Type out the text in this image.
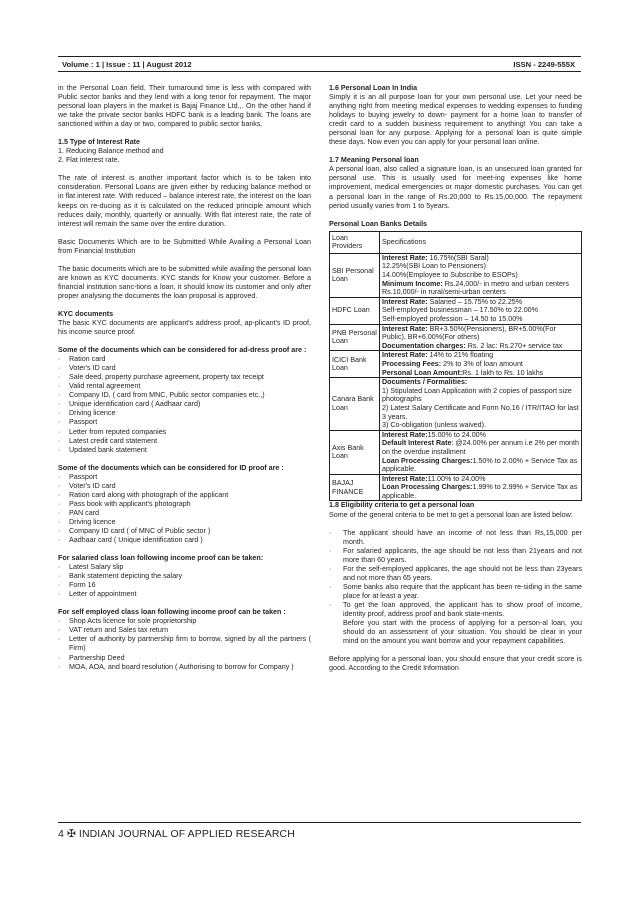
Volume : 1 | Issue : 11 | August 2012	ISSN - 2249-555X

in the Personal Loan field. Their turnaround time is less with compared with Public sector banks and they lend with a long tenor for repayment. The major personal loan players in the market is Bajaj Finance Ltd.,. On the other hand if we take the private sector banks HDFC bank is a leading bank. The loans are sanctioned within a day or two, compared to public sector banks.

1.5 Type of Interest Rate

1. Reducing Balance method and

2. Flat interest rate.

The rate of interest is another important factor which is to be taken into consideration. Personal Loans are given either by reducing balance method or in flat interest rate. With reduced – balance interest rate, the interest on the loan keeps on re-ducing as it is calculated on the reduced principle amount which reduces daily, monthly, quarterly or annually. With flat interest rate, the rate of interest will remain the same over the entire duration.

Basic Documents Which are to be Submitted While Availing a Personal Loan from Financial Institution

The basic documents which are to be submitted while availing the personal loan are known as KYC documents. KYC stands for Know your customer. Before a financial institution sanc-tions a loan, it should know its customer and only after proper analysing the documents the loan proposal is approved.

KYC documents

The basic KYC documents are applicant's address proof, ap-plicant's ID proof, his income source proof.

Some of the documents which can be considered for ad-dress proof are :

· Ration card
· Voter's ID card
· Sale deed, property purchase agreement, property tax receipt
· Valid rental agreement
· Company ID, ( card from MNC, Public sector companies etc.,)
· Unique identification card ( Aadhaar card)
· Driving licence
· Passport
· Letter from reputed companies
· Latest credit card statement
· Updated bank statement

Some of the documents which can be considered for ID proof are :

· Passport
· Voter's ID card
· Ration card along with photograph of the applicant
· Pass book with applicant's photograph
· PAN card
· Driving licence
· Company ID card ( of MNC of Public sector )
· Aadhaar card ( Unique identification card )

For salaried class loan following income proof can be taken:

· Latest Salary slip
· Bank statement depicting the salary
· Form 16
· Letter of appointment

For self employed class loan following income proof can be taken :

· Shop Acts licence for sole proprietorship
· VAT return and Sales tax return
· Letter of authority by partnership firm to borrow, signed by all the partners ( Firm)
· Partnership Deed
· MOA, AOA, and board resolution ( Authorising to borrow for Company )

1.6 Personal Loan In India

Simply it is an all purpose loan for your own personal use. Let your need be anything right from meeting medical expenses to wedding expenses to funding holidays to buying jewelry to down- payment for a home loan to transfer of credit card to a sudden business requirement to anything! You can take a personal loan for any purpose. Applying for a personal loan is quite simple these days. Now even you can apply for your personal loan online.

1.7 Meaning Personal loan

A personal loan, also called a signature loan, is an unsecured loan granted for personal use. This is usually used for meet-ing expenses like home improvement, medical emergencies or major domestic purchases. You can get a personal loan in the range of Rs.20,000 to Rs.15,00,000. The repayment period usually varies from 1 to 5years.

Personal Loan Banks Details

Loan Providers	Specifications
SBI Personal Loan	Interest Rate: 16.75%(SBI Saral)
12.25%(SBI Loan to Pensioners)
14.00%(Employee to Subscribe to ESOPs)
Minimum Income: Rs.24,000/- in metro and urban centers Rs.10,000/- in rural/semi-urban centers

HDFC Loan	Interest Rate: Salaried – 15.75% to 22.25%
Self-employed businessman – 17.50% to 22.00%
Self-employed profession – 14.50 to 15.00%

PNB Personal Loan	Interest Rate: BR+3.50%(Pensioners), BR+5.00%(For Public), BR+6.00%(For others)
Documentation charges: Rs. 2 lac: Rs.270+ service tax

ICICI Bank Loan	Interest Rate: 14% to 21% floating
Processing Fees: 2% to 3% of loan amount
Personal Loan Amount:Rs. 1 lakh to Rs. 10 lakhs

Canara Bank Loan	Documents / Formalities:
1) Stipulated Loan Application with 2 copies of passport size photographs
2) Latest Salary Certificate and Form No.16 / ITR/ITAO for last 3 years.
3) Co-obligation (unless waived).

Axis Bank Loan	Interest Rate:15.00% to 24.00%
Default Interest Rate: @24.00% per annum i.e 2% per month on the overdue installment
Loan Processing Charges:1.50% to 2.00% + Service Tax as applicable.

BAJAJ FINANCE	Interest Rate:11.00% to 24.00%
Loan Processing Charges:1.99% to 2.99% + Service Tax as applicable.

1.8 Eligibility criteria to get a personal loan

Some of the general criteria to be met to get a personal loan are listed below:

· The applicant should have an income of not less than Rs,15,000 per month.
· For salaried applicants, the age should be not less than 21years and not more than 60 years.
· For the self-employed applicants, the age should not be less than 23years and not more than 65 years.
· Some banks also require that the applicant has been re-siding in the same place for at least a year.
· To get the loan approved, the applicant has to show proof of income, identity proof, address proof and bank state-ments.
Before you start with the process of applying for a person-al loan, you should do an assessment of your situation. You should be clear in your mind on the amount you want borrow and your repayment capabilities.

Before applying for a personal loan, you should ensure that your credit score is good. According to the Credit Information

4 ✠ INDIAN JOURNAL OF APPLIED RESEARCH
